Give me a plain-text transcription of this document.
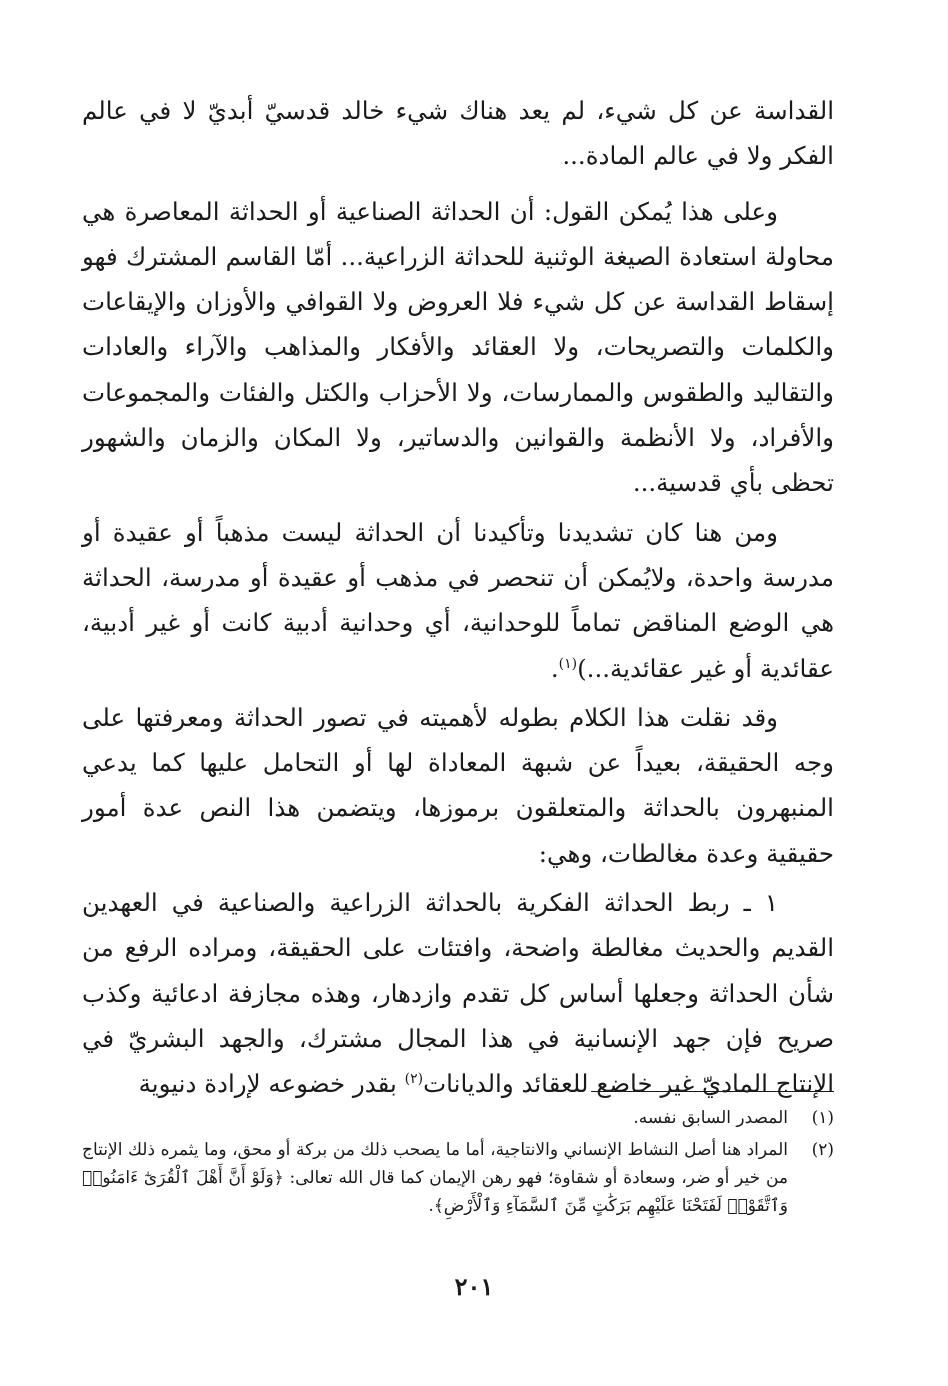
القداسة عن كل شيء، لم يعد هناك شيء خالد قدسيّ أبديّ لا في عالم الفكر ولا في عالم المادة...

وعلى هذا يُمكن القول: أن الحداثة الصناعية أو الحداثة المعاصرة هي محاولة استعادة الصيغة الوثنية للحداثة الزراعية... أمّا القاسم المشترك فهو إسقاط القداسة عن كل شيء فلا العروض ولا القوافي والأوزان والإيقاعات والكلمات والتصريحات، ولا العقائد والأفكار والمذاهب والآراء والعادات والتقاليد والطقوس والممارسات، ولا الأحزاب والكتل والفئات والمجموعات والأفراد، ولا الأنظمة والقوانين والدساتير، ولا المكان والزمان والشهور تحظى بأي قدسية...

ومن هنا كان تشديدنا وتأكيدنا أن الحداثة ليست مذهباً أو عقيدة أو مدرسة واحدة، ولايُمكن أن تنحصر في مذهب أو عقيدة أو مدرسة، الحداثة هي الوضع المناقض تماماً للوحدانية، أي وحدانية أدبية كانت أو غير أدبية، عقائدية أو غير عقائدية...)$^{(١)}$.

وقد نقلت هذا الكلام بطوله لأهميته في تصور الحداثة ومعرفتها على وجه الحقيقة، بعيداً عن شبهة المعاداة لها أو التحامل عليها كما يدعي المنبهرون بالحداثة والمتعلقون برموزها، ويتضمن هذا النص عدة أمور حقيقية وعدة مغالطات، وهي:

١ ـ ربط الحداثة الفكرية بالحداثة الزراعية والصناعية في العهدين القديم والحديث مغالطة واضحة، وافتئات على الحقيقة، ومراده الرفع من شأن الحداثة وجعلها أساس كل تقدم وازدهار، وهذه مجازفة ادعائية وكذب صريح فإن جهد الإنسانية في هذا المجال مشترك، والجهد البشريّ في الإنتاج الماديّ غير خاضع للعقائد والديانات$^{(٢)}$ بقدر خضوعه لإرادة دنيوية

(١)
المصدر السابق نفسه.

(٢)
المراد هنا أصل النشاط الإنساني والانتاجية، أما ما يصحب ذلك من بركة أو محق، وما يثمره ذلك الإنتاج من خير أو ضر، وسعادة أو شقاوة؛ فهو رهن الإيمان كما قال الله تعالى: ﴿وَلَوْ أَنَّ أَهْلَ ٱلْقُرَىٰٓ ءَامَنُوا۟ وَٱتَّقَوْا۟ لَفَتَحْنَا عَلَيْهِم بَرَكَٰتٍ مِّنَ ٱلسَّمَآءِ وَٱلْأَرْضِ﴾.

٢٠١
